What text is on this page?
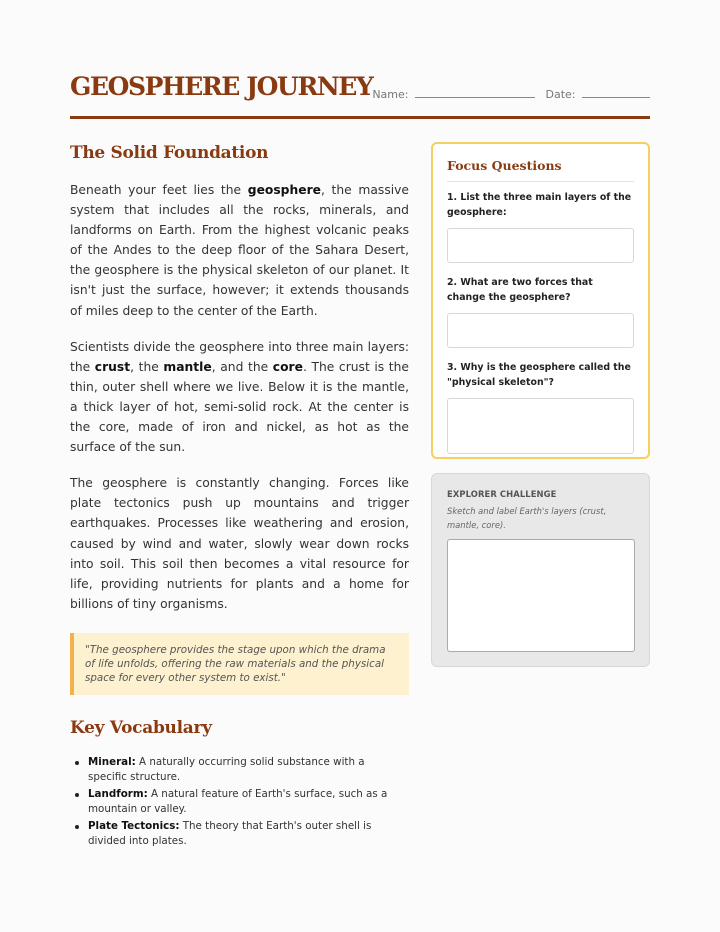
GEOSPHERE JOURNEY Name:	Date:
The Solid Foundation

Beneath your feet lies the geosphere, the massive system that includes all the rocks, minerals, and landforms on Earth. From the highest volcanic peaks of the Andes to the deep floor of the Sahara Desert, the geosphere is the physical skeleton of our planet. It isn't just the surface, however; it extends thousands of miles deep to the center of the Earth.

Scientists divide the geosphere into three main layers: the crust, the mantle, and the core. The crust is the thin, outer shell where we live. Below it is the mantle, a thick layer of hot, semi-solid rock. At the center is the core, made of iron and nickel, as hot as the surface of the sun.

The geosphere is constantly changing. Forces like plate tectonics push up mountains and trigger earthquakes. Processes like weathering and erosion, caused by wind and water, slowly wear down rocks into soil. This soil then becomes a vital resource for life, providing nutrients for plants and a home for billions of tiny organisms.

"The geosphere provides the stage upon which the drama of life unfolds, offering the raw materials and the physical space for every other system to exist."
Key Vocabulary
Mineral: A naturally occurring solid substance with a specific structure.
Landform: A natural feature of Earth's surface, such as a mountain or valley.
Plate Tectonics: The theory that Earth's outer shell is divided into plates.
Focus Questions
1. List the three main layers of the geosphere:
2. What are two forces that change the geosphere?
3. Why is the geosphere called the "physical skeleton"?
EXPLORER CHALLENGE
Sketch and label Earth's layers (crust, mantle, core).
